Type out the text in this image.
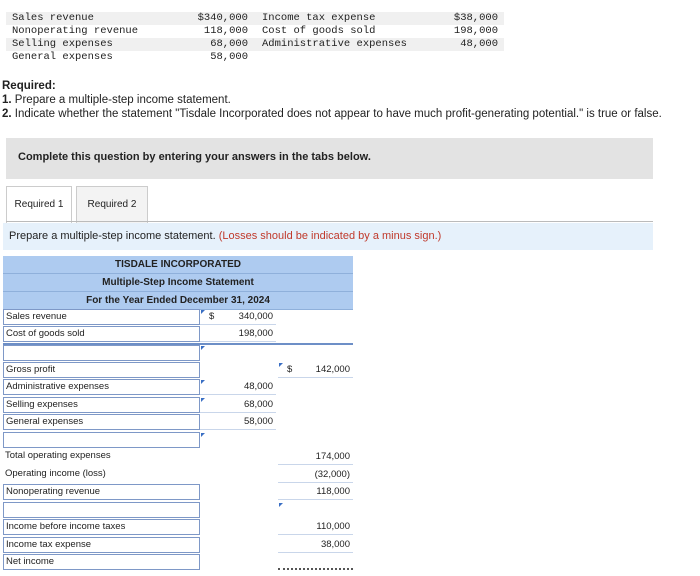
Sales revenue	$340,000 Income tax expense	$38,000
Nonoperating revenue	118,000 Cost of goods sold	198,000
Selling expenses	68,000 Administrative expenses	48,000
General expenses	58,000
Required:
1. Prepare a multiple-step income statement.
2. Indicate whether the statement "Tisdale Incorporated does not appear to have much profit-generating potential." is true or false.
Complete this question by entering your answers in the tabs below.
Required 1	Required 2
Prepare a multiple-step income statement. (Losses should be indicated by a minus sign.)
TISDALE INCORPORATED
Multiple-Step Income Statement
For the Year Ended December 31, 2024
Sales revenue	$	340,000
Cost of goods sold	198,000
Gross profit	$	142,000
Administrative expenses	48,000
Selling expenses	68,000
General expenses	58,000
Total operating expenses	174,000
Operating income (loss)	(32,000)
Nonoperating revenue	118,000
Income before income taxes	110,000
Income tax expense	38,000
Net income
